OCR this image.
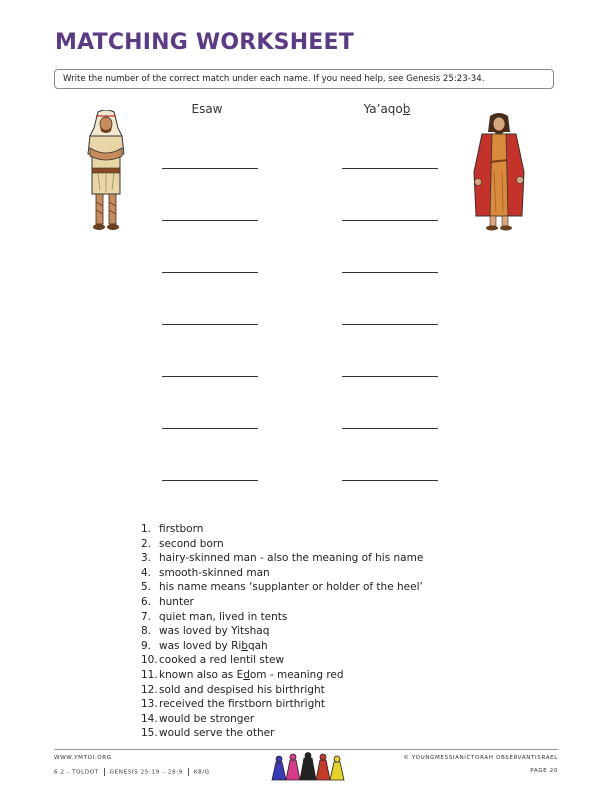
MATCHING WORKSHEET
Write the number of the correct match under each name. If you need help, see Genesis 25:23-34.
Esaw	Ya’aqob
1. firstborn
2. second born
3. hairy-skinned man - also the meaning of his name
4. smooth-skinned man
5. his name means ‘supplanter or holder of the heel’
6. hunter
7. quiet man, lived in tents
8. was loved by Yitshaq
9. was loved by Ribqah
10.cooked a red lentil stew
11.known also as Edom - meaning red
12.sold and despised his birthright
13.received the firstborn birthright
14.would be stronger
15.would serve the other
WWW.YMTOI.ORG
6.2 - TOLDOT GENESIS 25:19 – 28:9 K8/G
© YOUNGMESSIANICTORAH OBSERVANTISRAEL
PAGE 20
